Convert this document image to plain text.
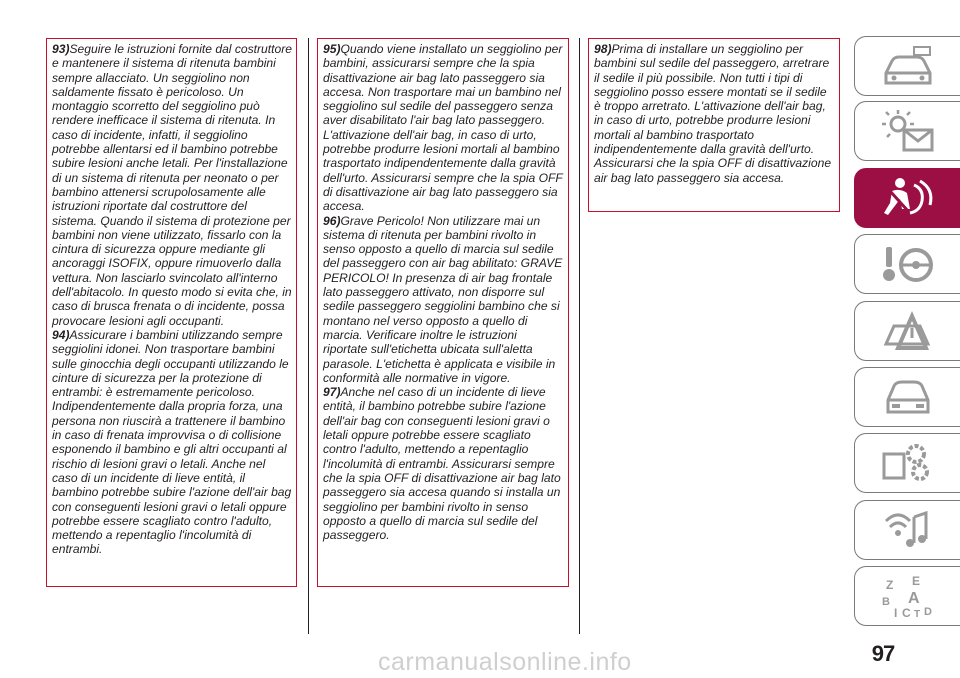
93)Seguire le istruzioni fornite dal costruttore e mantenere il sistema di ritenuta bambini sempre allacciato. Un seggiolino non saldamente fissato è pericoloso. Un montaggio scorretto del seggiolino può rendere inefficace il sistema di ritenuta. In caso di incidente, infatti, il seggiolino potrebbe allentarsi ed il bambino potrebbe subire lesioni anche letali. Per l'installazione di un sistema di ritenuta per neonato o per bambino attenersi scrupolosamente alle istruzioni riportate dal costruttore del sistema. Quando il sistema di protezione per bambini non viene utilizzato, fissarlo con la cintura di sicurezza oppure mediante gli ancoraggi ISOFIX, oppure rimuoverlo dalla vettura. Non lasciarlo svincolato all'interno dell'abitacolo. In questo modo si evita che, in caso di brusca frenata o di incidente, possa provocare lesioni agli occupanti.

94)Assicurare i bambini utilizzando sempre seggiolini idonei. Non trasportare bambini sulle ginocchia degli occupanti utilizzando le cinture di sicurezza per la protezione di entrambi: è estremamente pericoloso. Indipendentemente dalla propria forza, una persona non riuscirà a trattenere il bambino in caso di frenata improvvisa o di collisione esponendo il bambino e gli altri occupanti al rischio di lesioni gravi o letali. Anche nel caso di un incidente di lieve entità, il bambino potrebbe subire l'azione dell'air bag con conseguenti lesioni gravi o letali oppure potrebbe essere scagliato contro l'adulto, mettendo a repentaglio l'incolumità di entrambi.

95)Quando viene installato un seggiolino per bambini, assicurarsi sempre che la spia disattivazione air bag lato passeggero sia accesa. Non trasportare mai un bambino nel seggiolino sul sedile del passeggero senza aver disabilitato l'air bag lato passeggero. L'attivazione dell'air bag, in caso di urto, potrebbe produrre lesioni mortali al bambino trasportato indipendentemente dalla gravità dell'urto. Assicurarsi sempre che la spia OFF di disattivazione air bag lato passeggero sia accesa.

96)Grave Pericolo! Non utilizzare mai un sistema di ritenuta per bambini rivolto in senso opposto a quello di marcia sul sedile del passeggero con air bag abilitato: GRAVE PERICOLO! In presenza di air bag frontale lato passeggero attivato, non disporre sul sedile passeggero seggiolini bambino che si montano nel verso opposto a quello di marcia. Verificare inoltre le istruzioni riportate sull'etichetta ubicata sull'aletta parasole. L'etichetta è applicata e visibile in conformità alle normative in vigore.

97)Anche nel caso di un incidente di lieve entità, il bambino potrebbe subire l'azione dell'air bag con conseguenti lesioni gravi o letali oppure potrebbe essere scagliato contro l'adulto, mettendo a repentaglio l'incolumità di entrambi. Assicurarsi sempre che la spia OFF di disattivazione air bag lato passeggero sia accesa quando si installa un seggiolino per bambini rivolto in senso opposto a quello di marcia sul sedile del passeggero.

98)Prima di installare un seggiolino per bambini sul sedile del passeggero, arretrare il sedile il più possibile. Non tutti i tipi di seggiolino posso essere montati se il sedile è troppo arretrato. L'attivazione dell'air bag, in caso di urto, potrebbe produrre lesioni mortali al bambino trasportato indipendentemente dalla gravità dell'urto. Assicurarsi che la spia OFF di disattivazione air bag lato passeggero sia accesa.

Z E
B A
C D
I T
97
carmanualsonline.info
